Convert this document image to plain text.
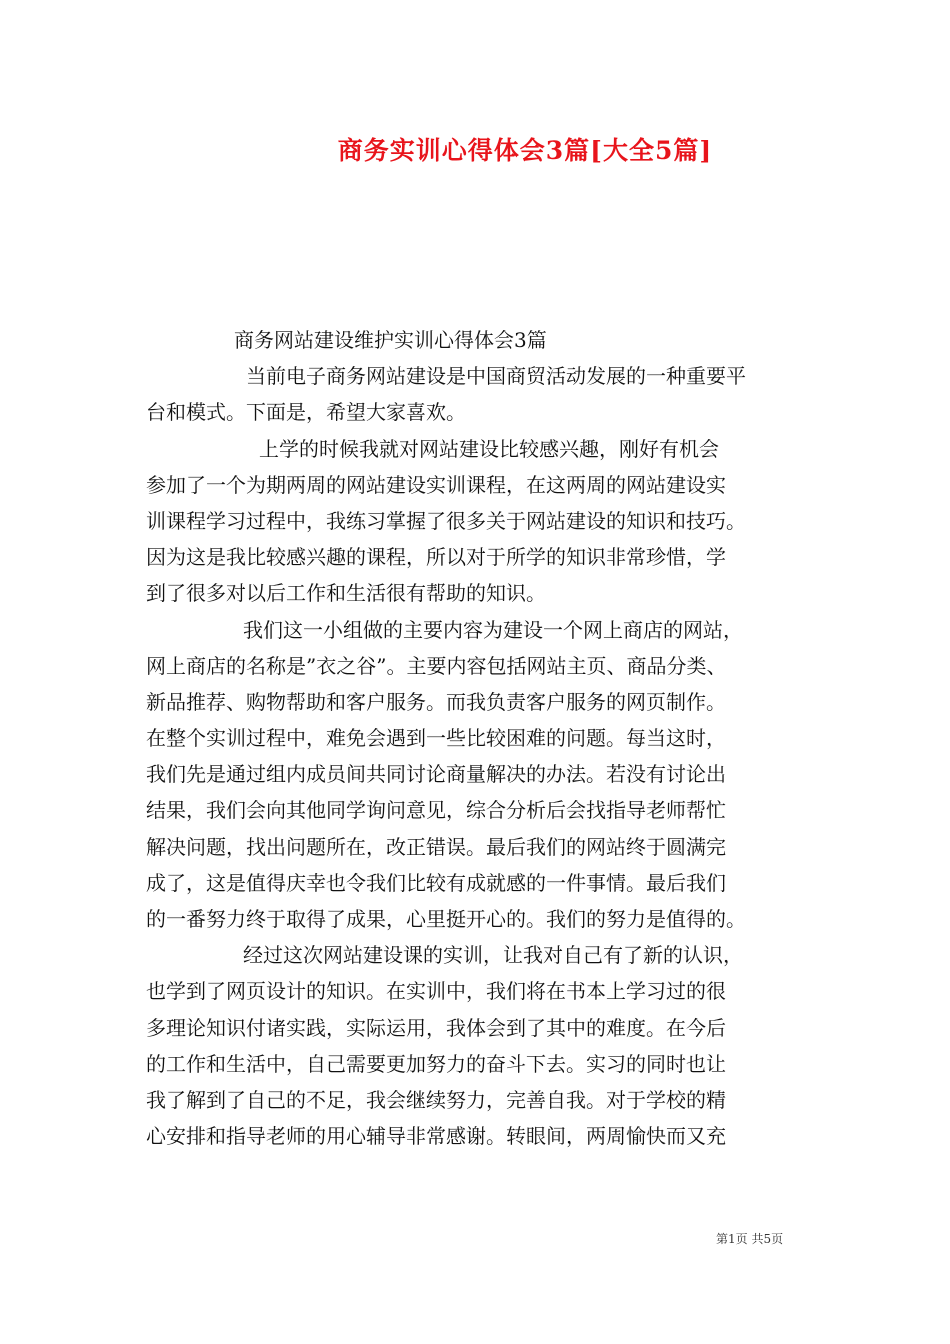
商务实训心得体会3篇[大全5篇]
商务网站建设维护实训心得体会3篇
当前电子商务网站建设是中国商贸活动发展的一种重要平
台和模式。下面是，希望大家喜欢。
上学的时候我就对网站建设比较感兴趣，刚好有机会
参加了一个为期两周的网站建设实训课程，在这两周的网站建设实
训课程学习过程中，我练习掌握了很多关于网站建设的知识和技巧。
因为这是我比较感兴趣的课程，所以对于所学的知识非常珍惜，学
到了很多对以后工作和生活很有帮助的知识。
我们这一小组做的主要内容为建设一个网上商店的网站，
网上商店的名称是”衣之谷”。主要内容包括网站主页、商品分类、
新品推荐、购物帮助和客户服务。而我负责客户服务的网页制作。
在整个实训过程中，难免会遇到一些比较困难的问题。每当这时，
我们先是通过组内成员间共同讨论商量解决的办法。若没有讨论出
结果，我们会向其他同学询问意见，综合分析后会找指导老师帮忙
解决问题，找出问题所在，改正错误。最后我们的网站终于圆满完
成了，这是值得庆幸也令我们比较有成就感的一件事情。最后我们
的一番努力终于取得了成果，心里挺开心的。我们的努力是值得的。
经过这次网站建设课的实训，让我对自己有了新的认识，
也学到了网页设计的知识。在实训中，我们将在书本上学习过的很
多理论知识付诸实践，实际运用，我体会到了其中的难度。在今后
的工作和生活中，自己需要更加努力的奋斗下去。实习的同时也让
我了解到了自己的不足，我会继续努力，完善自我。对于学校的精
心安排和指导老师的用心辅导非常感谢。转眼间，两周愉快而又充
第1页 共5页
